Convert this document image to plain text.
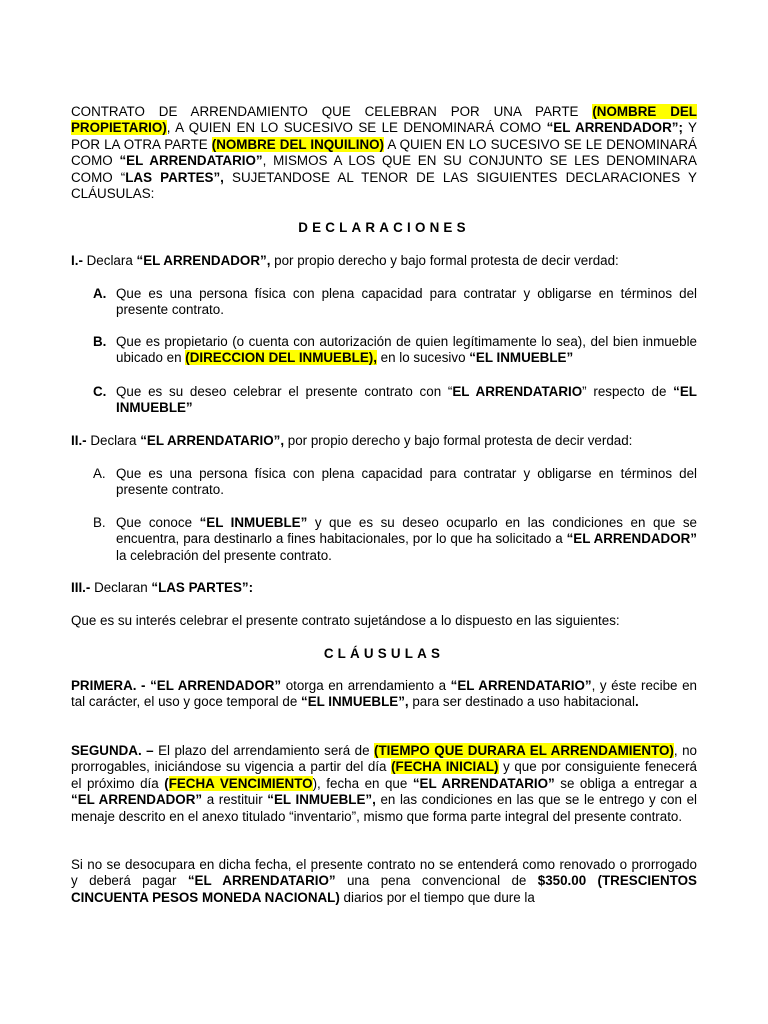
CONTRATO DE ARRENDAMIENTO QUE CELEBRAN POR UNA PARTE (NOMBRE DEL PROPIETARIO), A QUIEN EN LO SUCESIVO SE LE DENOMINARÁ COMO “EL ARRENDADOR”; Y POR LA OTRA PARTE (NOMBRE DEL INQUILINO) A QUIEN EN LO SUCESIVO SE LE DENOMINARÁ COMO “EL ARRENDATARIO”, MISMOS A LOS QUE EN SU CONJUNTO SE LES DENOMINARA COMO “LAS PARTES”, SUJETANDOSE AL TENOR DE LAS SIGUIENTES DECLARACIONES Y CLÁUSULAS:

DECLARACIONES

I.- Declara “EL ARRENDADOR”, por propio derecho y bajo formal protesta de decir verdad:

A. Que es una persona física con plena capacidad para contratar y obligarse en términos del presente contrato.

B. Que es propietario (o cuenta con autorización de quien legítimamente lo sea), del bien inmueble ubicado en (DIRECCION DEL INMUEBLE), en lo sucesivo “EL INMUEBLE”

C. Que es su deseo celebrar el presente contrato con “EL ARRENDATARIO” respecto de “EL INMUEBLE”

II.- Declara “EL ARRENDATARIO”, por propio derecho y bajo formal protesta de decir verdad:

A. Que es una persona física con plena capacidad para contratar y obligarse en términos del presente contrato.

B. Que conoce “EL INMUEBLE” y que es su deseo ocuparlo en las condiciones en que se encuentra, para destinarlo a fines habitacionales, por lo que ha solicitado a “EL ARRENDADOR” la celebración del presente contrato.

III.- Declaran “LAS PARTES”:

Que es su interés celebrar el presente contrato sujetándose a lo dispuesto en las siguientes:

CLÁUSULAS

PRIMERA. - “EL ARRENDADOR” otorga en arrendamiento a “EL ARRENDATARIO”, y éste recibe en tal carácter, el uso y goce temporal de “EL INMUEBLE”, para ser destinado a uso habitacional.

SEGUNDA. – El plazo del arrendamiento será de (TIEMPO QUE DURARA EL ARRENDAMIENTO), no prorrogables, iniciándose su vigencia a partir del día (FECHA INICIAL) y que por consiguiente fenecerá el próximo día (FECHA VENCIMIENTO), fecha en que “EL ARRENDATARIO” se obliga a entregar a “EL ARRENDADOR” a restituir “EL INMUEBLE”, en las condiciones en las que se le entrego y con el menaje descrito en el anexo titulado “inventario”, mismo que forma parte integral del presente contrato.

Si no se desocupara en dicha fecha, el presente contrato no se entenderá como renovado o prorrogado y deberá pagar “EL ARRENDATARIO” una pena convencional de $350.00 (TRESCIENTOS CINCUENTA PESOS MONEDA NACIONAL) diarios por el tiempo que dure la
